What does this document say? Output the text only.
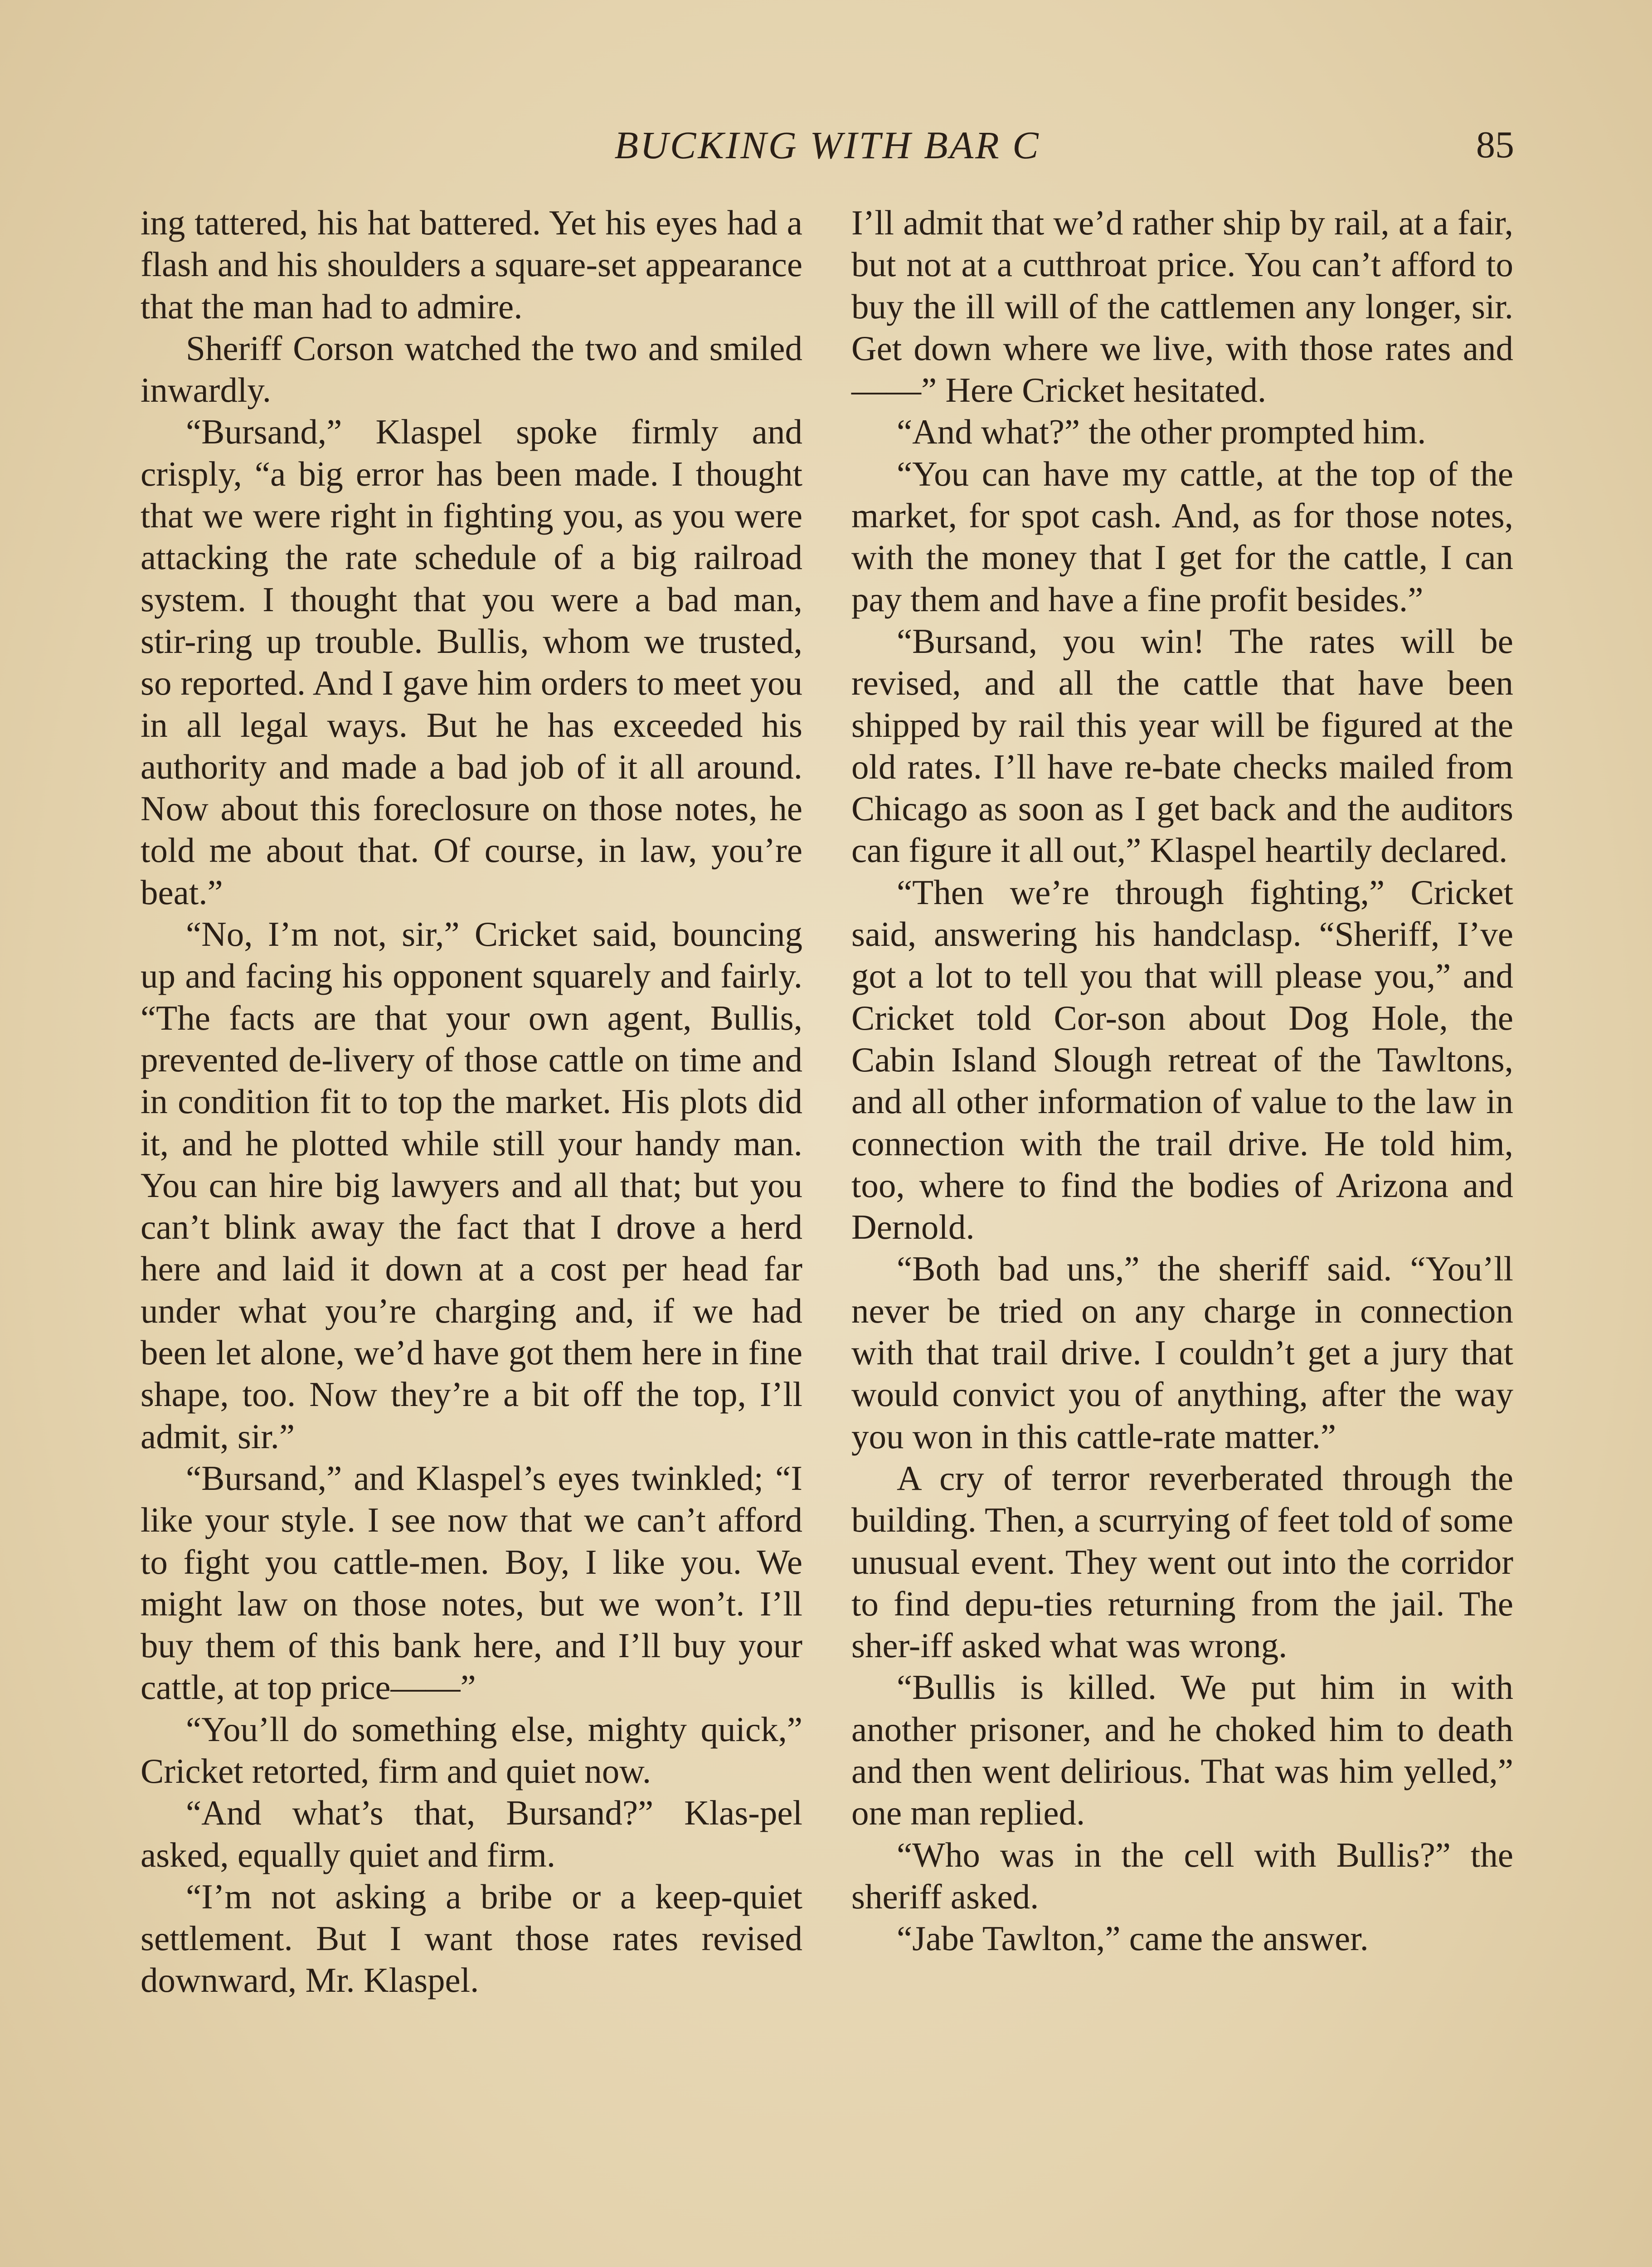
BUCKING WITH BAR C	85

ing tattered, his hat battered. Yet his eyes had a flash and his shoulders a square-set appearance that the man had to admire.

Sheriff Corson watched the two and smiled inwardly.

“Bursand,” Klaspel spoke firmly and crisply, “a big error has been made. I thought that we were right in fighting you, as you were attacking the rate schedule of a big railroad system. I thought that you were a bad man, stir-ring up trouble. Bullis, whom we trusted, so reported. And I gave him orders to meet you in all legal ways. But he has exceeded his authority and made a bad job of it all around. Now about this foreclosure on those notes, he told me about that. Of course, in law, you’re beat.”

“No, I’m not, sir,” Cricket said, bouncing up and facing his opponent squarely and fairly. “The facts are that your own agent, Bullis, prevented de-livery of those cattle on time and in condition fit to top the market. His plots did it, and he plotted while still your handy man. You can hire big lawyers and all that; but you can’t blink away the fact that I drove a herd here and laid it down at a cost per head far under what you’re charging and, if we had been let alone, we’d have got them here in fine shape, too. Now they’re a bit off the top, I’ll admit, sir.”

“Bursand,” and Klaspel’s eyes twinkled; “I like your style. I see now that we can’t afford to fight you cattle-men. Boy, I like you. We might law on those notes, but we won’t. I’ll buy them of this bank here, and I’ll buy your cattle, at top price——”

“You’ll do something else, mighty quick,” Cricket retorted, firm and quiet now.

“And what’s that, Bursand?” Klas-pel asked, equally quiet and firm.

“I’m not asking a bribe or a keep-quiet settlement. But I want those rates revised downward, Mr. Klaspel.

I’ll admit that we’d rather ship by rail, at a fair, but not at a cutthroat price. You can’t afford to buy the ill will of the cattlemen any longer, sir. Get down where we live, with those rates and——” Here Cricket hesitated.

“And what?” the other prompted him.

“You can have my cattle, at the top of the market, for spot cash. And, as for those notes, with the money that I get for the cattle, I can pay them and have a fine profit besides.”

“Bursand, you win! The rates will be revised, and all the cattle that have been shipped by rail this year will be figured at the old rates. I’ll have re-bate checks mailed from Chicago as soon as I get back and the auditors can figure it all out,” Klaspel heartily declared.

“Then we’re through fighting,” Cricket said, answering his handclasp. “Sheriff, I’ve got a lot to tell you that will please you,” and Cricket told Cor-son about Dog Hole, the Cabin Island Slough retreat of the Tawltons, and all other information of value to the law in connection with the trail drive. He told him, too, where to find the bodies of Arizona and Dernold.

“Both bad uns,” the sheriff said. “You’ll never be tried on any charge in connection with that trail drive. I couldn’t get a jury that would convict you of anything, after the way you won in this cattle-rate matter.”

A cry of terror reverberated through the building. Then, a scurrying of feet told of some unusual event. They went out into the corridor to find depu-ties returning from the jail. The sher-iff asked what was wrong.

“Bullis is killed. We put him in with another prisoner, and he choked him to death and then went delirious. That was him yelled,” one man replied.

“Who was in the cell with Bullis?” the sheriff asked.

“Jabe Tawlton,” came the answer.
